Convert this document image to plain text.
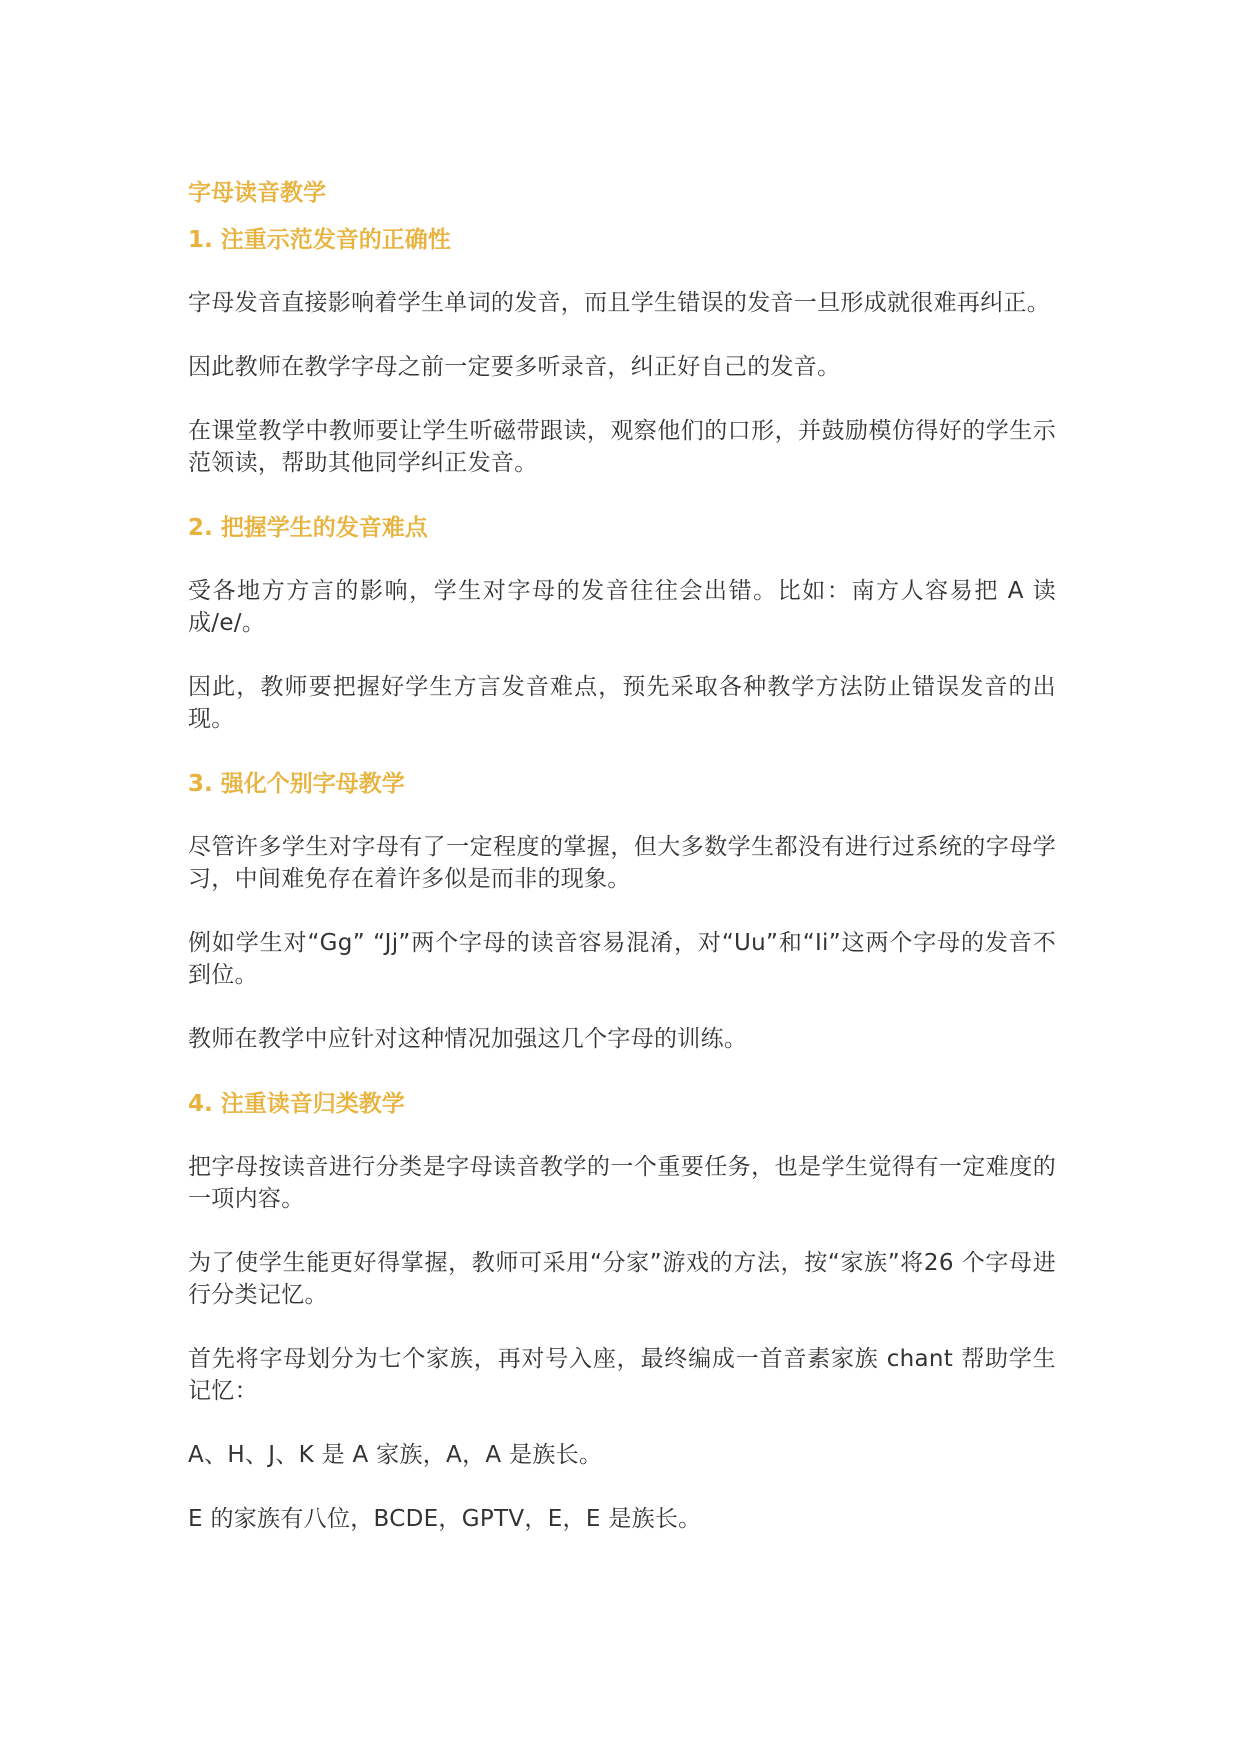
字母读音教学
1. 注重示范发音的正确性

字母发音直接影响着学生单词的发音，而且学生错误的发音一旦形成就很难再纠正。

因此教师在教学字母之前一定要多听录音，纠正好自己的发音。

在课堂教学中教师要让学生听磁带跟读，观察他们的口形，并鼓励模仿得好的学生示范领读，帮助其他同学纠正发音。

2. 把握学生的发音难点

受各地方方言的影响，学生对字母的发音往往会出错。比如：南方人容易把 A 读成/e/。

因此，教师要把握好学生方言发音难点，预先采取各种教学方法防止错误发音的出现。

3. 强化个别字母教学

尽管许多学生对字母有了一定程度的掌握，但大多数学生都没有进行过系统的字母学习，中间难免存在着许多似是而非的现象。

例如学生对“Gg” “Jj”两个字母的读音容易混淆，对“Uu”和“Ii”这两个字母的发音不到位。

教师在教学中应针对这种情况加强这几个字母的训练。

4. 注重读音归类教学

把字母按读音进行分类是字母读音教学的一个重要任务，也是学生觉得有一定难度的一项内容。

为了使学生能更好得掌握，教师可采用“分家”游戏的方法，按“家族”将26 个字母进行分类记忆。

首先将字母划分为七个家族，再对号入座，最终编成一首音素家族 chant 帮助学生记忆：

A、H、J、K 是 A 家族，A，A 是族长。

E 的家族有八位，BCDE，GPTV，E，E 是族长。
